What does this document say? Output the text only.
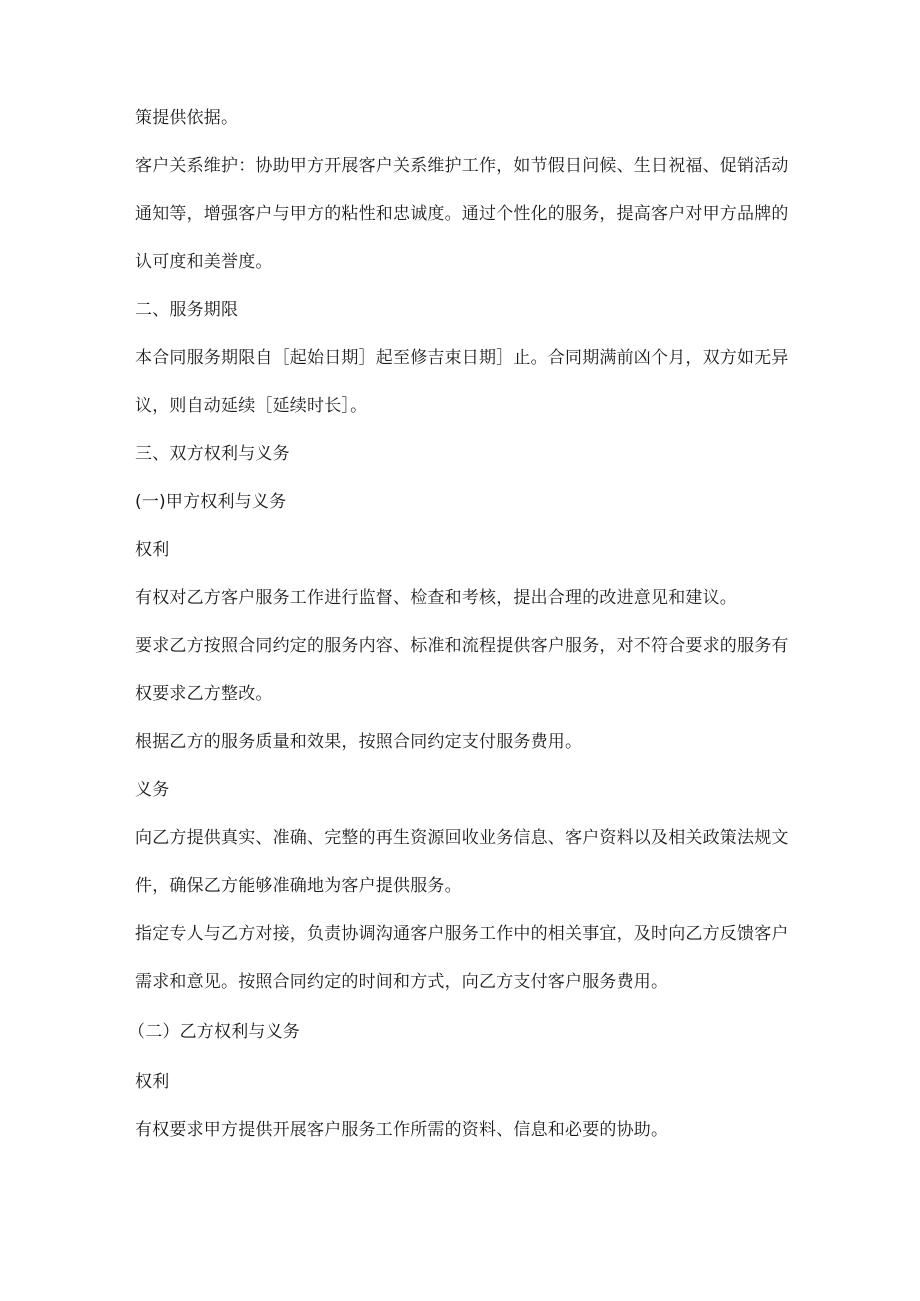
策提供依据。
客户关系维护：协助甲方开展客户关系维护工作，如节假日问候、生日祝福、促销活动
通知等，增强客户与甲方的粘性和忠诚度。通过个性化的服务，提高客户对甲方品牌的
认可度和美誉度。
二、服务期限
本合同服务期限自［起始日期］起至修吉束日期］止。合同期满前凶个月，双方如无异
议，则自动延续［延续时长］。
三、双方权利与义务
(一)甲方权利与义务
权利
有权对乙方客户服务工作进行监督、检查和考核，提出合理的改进意见和建议。
要求乙方按照合同约定的服务内容、标准和流程提供客户服务，对不符合要求的服务有
权要求乙方整改。
根据乙方的服务质量和效果，按照合同约定支付服务费用。
义务
向乙方提供真实、准确、完整的再生资源回收业务信息、客户资料以及相关政策法规文
件，确保乙方能够准确地为客户提供服务。
指定专人与乙方对接，负责协调沟通客户服务工作中的相关事宜，及时向乙方反馈客户
需求和意见。按照合同约定的时间和方式，向乙方支付客户服务费用。
（二）乙方权利与义务
权利
有权要求甲方提供开展客户服务工作所需的资料、信息和必要的协助。
